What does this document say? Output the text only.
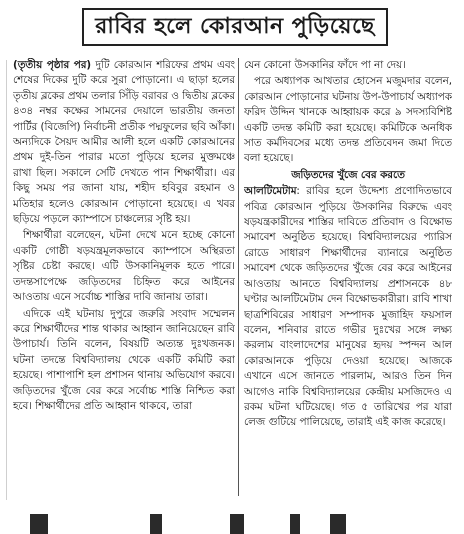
রাবির হলে কোরআন পুড়িয়েছে

(তৃতীয় পৃষ্ঠার পর) দুটি কোরআন শরিফের প্রথম এবং শেষের দিকের দুটি করে সুরা পোড়ানো। এ ছাড়া হলের তৃতীয় ব্লকের প্রথম তলার সিঁড়ি বরাবর ও দ্বিতীয় ব্লকের ৪৩৪ নম্বর কক্ষের সামনের দেয়ালে ভারতীয় জনতা পার্টির (বিজেপি) নির্বাচনী প্রতীক পদ্মফুলের ছবি আঁকা। অন্যদিকে সৈয়দ আমীর আলী হলে একটি কোরআনের প্রথম দুই-তিন পারার মতো পুড়িয়ে হলের মুক্তমঞ্চে রাখা ছিল। সকালে সেটি দেখতে পান শিক্ষার্থীরা। এর কিছু সময় পর জানা যায়, শহীদ হবিবুর রহমান ও মতিহার হলেও কোরআন পোড়ানো হয়েছে। এ খবর ছড়িয়ে পড়লে ক্যাম্পাসে চাঞ্চল্যের সৃষ্টি হয়।

শিক্ষার্থীরা বলেছেন, ঘটনা দেখে মনে হচ্ছে কোনো একটি গোষ্ঠী ষড়যন্ত্রমূলকভাবে ক্যাম্পাসে অস্থিরতা সৃষ্টির চেষ্টা করছে। এটি উসকানিমূলক হতে পারে। তদন্তসাপেক্ষে জড়িতদের চিহ্নিত করে আইনের আওতায় এনে সর্বোচ্চ শাস্তির দাবি জানায় তারা।

এদিকে এই ঘটনায় দুপুরে জরুরি সংবাদ সম্মেলন করে শিক্ষার্থীদের শান্ত থাকার আহ্বান জানিয়েছেন রাবি উপাচার্য। তিনি বলেন, বিষয়টি অত্যন্ত দুঃখজনক। ঘটনা তদন্তে বিশ্ববিদ্যালয় থেকে একটি কমিটি করা হয়েছে। পাশাপাশি হল প্রশাসন থানায় অভিযোগ করবে। জড়িতদের খুঁজে বের করে সর্বোচ্চ শাস্তি নিশ্চিত করা হবে। শিক্ষার্থীদের প্রতি আহ্বান থাকবে, তারা

যেন কোনো উসকানির ফাঁদে পা না দেয়।

পরে অধ্যাপক আখতার হোসেন মজুমদার বলেন, কোরআন পোড়ানোর ঘটনায় উপ-উপাচার্য অধ্যাপক ফরিদ উদ্দিন খানকে আহ্বায়ক করে ৯ সদস্যবিশিষ্ট একটি তদন্ত কমিটি করা হয়েছে। কমিটিকে অনধিক সাত কর্মদিবসের মধ্যে তদন্ত প্রতিবেদন জমা দিতে বলা হয়েছে।

জড়িতদের খুঁজে বের করতে

আলটিমেটাম: রাবির হলে উদ্দেশ্য প্রণোদিতভাবে পবিত্র কোরআন পুড়িয়ে উসকানির বিরুদ্ধে এবং ষড়যন্ত্রকারীদের শাস্তির দাবিতে প্রতিবাদ ও বিক্ষোভ সমাবেশ অনুষ্ঠিত হয়েছে। বিশ্ববিদ্যালয়ের প্যারিস রোডে সাধারণ শিক্ষার্থীদের ব্যানারে অনুষ্ঠিত সমাবেশ থেকে জড়িতদের খুঁজে বের করে আইনের আওতায় আনতে বিশ্ববিদ্যালয় প্রশাসনকে ৪৮ ঘণ্টার আলটিমেটাম দেন বিক্ষোভকারীরা। রাবি শাখা ছাত্রশিবিরের সাধারণ সম্পাদক মুজাহিদ ফয়সাল বলেন, শনিবার রাতে গভীর দুঃখের সঙ্গে লক্ষ্য করলাম বাংলাদেশের মানুষের হৃদয় স্পন্দন আল কোরআনকে পুড়িয়ে দেওয়া হয়েছে। আজকে এখানে এসে জানতে পারলাম, আরও তিন দিন আগেও নাকি বিশ্ববিদ্যালয়ের কেন্দ্রীয় মসজিদেও এ রকম ঘটনা ঘটিয়েছে। গত ৫ তারিখের পর যারা লেজ গুটিয়ে পালিয়েছে, তারাই এই কাজ করেছে।
